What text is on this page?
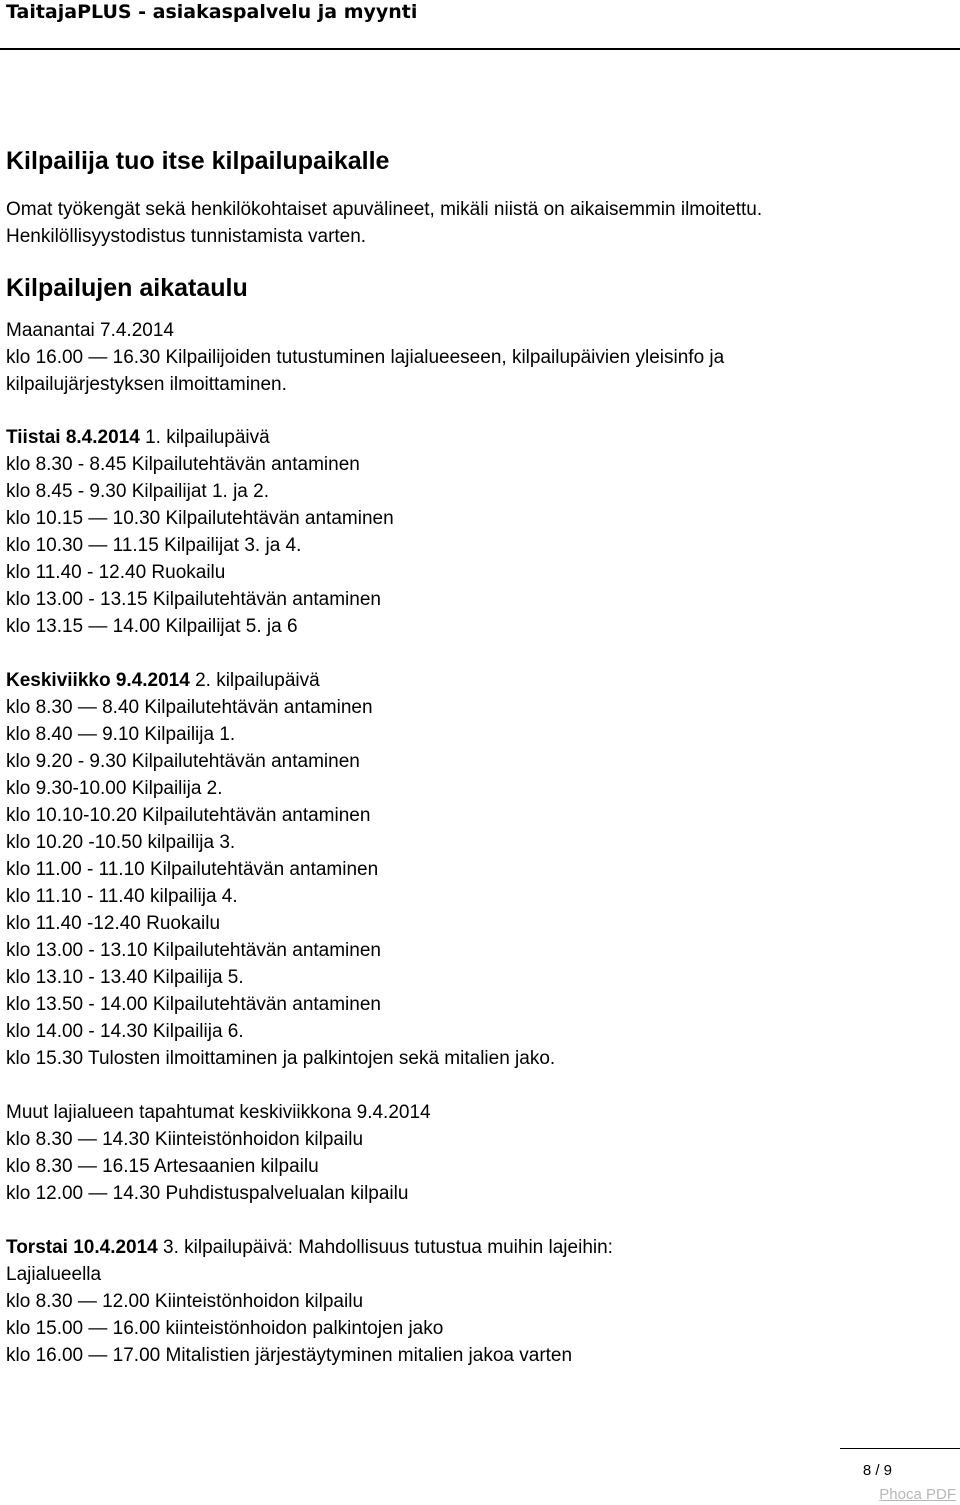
TaitajaPLUS - asiakaspalvelu ja myynti
Kilpailija tuo itse kilpailupaikalle
Omat työkengät sekä henkilökohtaiset apuvälineet, mikäli niistä on aikaisemmin ilmoitettu.
Henkilöllisyystodistus tunnistamista varten.
Kilpailujen aikataulu
Maanantai 7.4.2014
klo 16.00 — 16.30 Kilpailijoiden tutustuminen lajialueeseen, kilpailupäivien yleisinfo ja
kilpailujärjestyksen ilmoittaminen.
Tiistai 8.4.2014 1. kilpailupäivä
klo 8.30 - 8.45 Kilpailutehtävän antaminen
klo 8.45 - 9.30 Kilpailijat 1. ja 2.
klo 10.15 — 10.30 Kilpailutehtävän antaminen
klo 10.30 — 11.15 Kilpailijat 3. ja 4.
klo 11.40 - 12.40 Ruokailu
klo 13.00 - 13.15 Kilpailutehtävän antaminen
klo 13.15 — 14.00 Kilpailijat 5. ja 6
Keskiviikko 9.4.2014 2. kilpailupäivä
klo 8.30 — 8.40 Kilpailutehtävän antaminen
klo 8.40 — 9.10 Kilpailija 1.
klo 9.20 - 9.30 Kilpailutehtävän antaminen
klo 9.30-10.00 Kilpailija 2.
klo 10.10-10.20 Kilpailutehtävän antaminen
klo 10.20 -10.50 kilpailija 3.
klo 11.00 - 11.10 Kilpailutehtävän antaminen
klo 11.10 - 11.40 kilpailija 4.
klo 11.40 -12.40 Ruokailu
klo 13.00 - 13.10 Kilpailutehtävän antaminen
klo 13.10 - 13.40 Kilpailija 5.
klo 13.50 - 14.00 Kilpailutehtävän antaminen
klo 14.00 - 14.30 Kilpailija 6.
klo 15.30 Tulosten ilmoittaminen ja palkintojen sekä mitalien jako.
Muut lajialueen tapahtumat keskiviikkona 9.4.2014
klo 8.30 — 14.30 Kiinteistönhoidon kilpailu
klo 8.30 — 16.15 Artesaanien kilpailu
klo 12.00 — 14.30 Puhdistuspalvelualan kilpailu
Torstai 10.4.2014 3. kilpailupäivä: Mahdollisuus tutustua muihin lajeihin:
Lajialueella
klo 8.30 — 12.00 Kiinteistönhoidon kilpailu
klo 15.00 — 16.00 kiinteistönhoidon palkintojen jako
klo 16.00 — 17.00 Mitalistien järjestäytyminen mitalien jakoa varten
8 / 9
Phoca PDF
